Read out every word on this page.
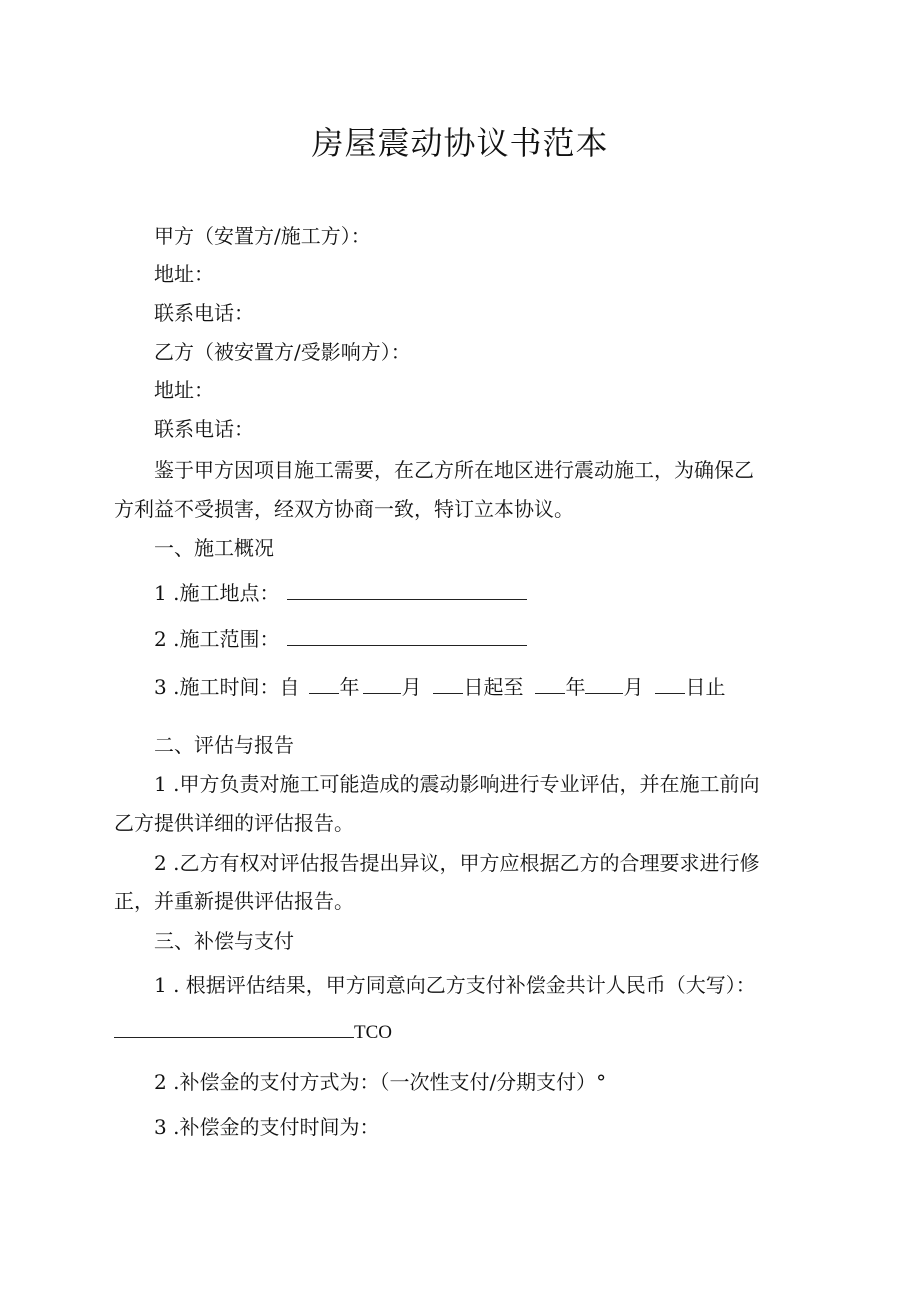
房屋震动协议书范本
甲方（安置方/施工方）：
地址：
联系电话：
乙方（被安置方/受影响方）：
地址：
联系电话：
鉴于甲方因项目施工需要，在乙方所在地区进行震动施工，为确保乙
方利益不受损害，经双方协商一致，特订立本协议。
一、施工概况
1 .施工地点：
2 .施工范围：
3 .施工时间：自 年 月 日起至 年 月 日止
二、评估与报告
1 .甲方负责对施工可能造成的震动影响进行专业评估，并在施工前向
乙方提供详细的评估报告。
2 .乙方有权对评估报告提出异议，甲方应根据乙方的合理要求进行修
正，并重新提供评估报告。
三、补偿与支付
1 . 根据评估结果，甲方同意向乙方支付补偿金共计人民币（大写）：
TCO
2 .补偿金的支付方式为：（一次性支付/分期支付）°
3 .补偿金的支付时间为：
